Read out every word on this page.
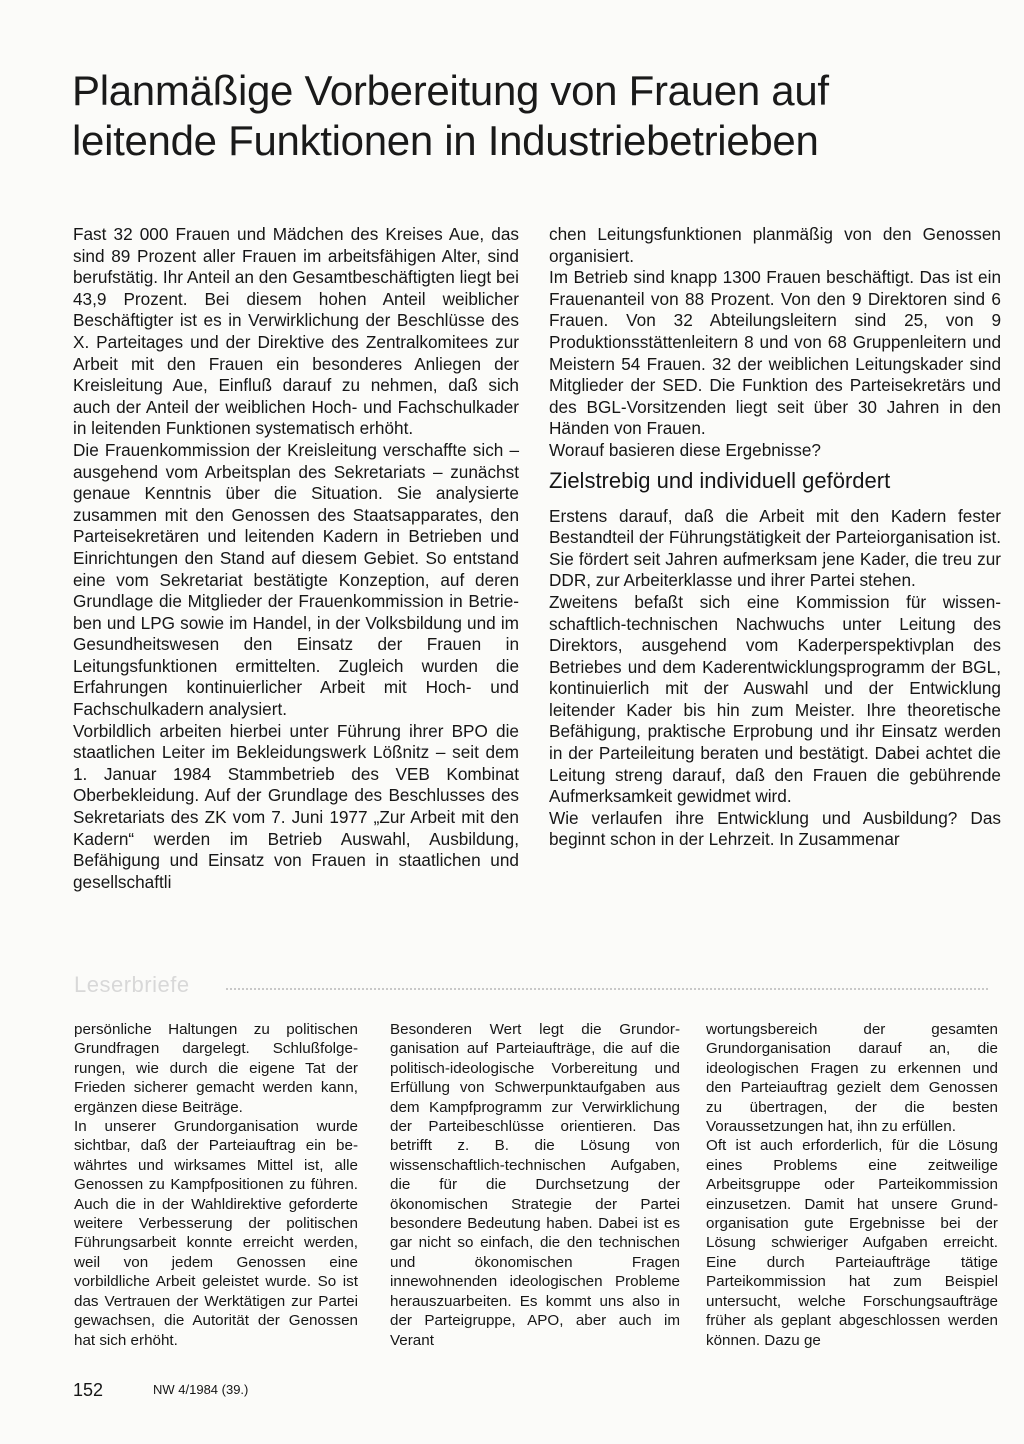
Planmäßige Vorbereitung von Frauen auf
leitende Funktionen in Industriebetrieben

Fast 32 000 Frauen und Mädchen des Kreises Aue, das sind 89 Prozent aller Frauen im arbeitsfähigen Alter, sind berufstätig. Ihr Anteil an den Gesamtbeschäftigten liegt bei 43,9 Prozent. Bei diesem hohen Anteil weiblicher Beschäftigter ist es in Verwirklichung der Beschlüsse des X. Parteitages und der Direktive des Zentralkomitees zur Arbeit mit den Frauen ein besonderes Anliegen der Kreisleitung Aue, Einfluß darauf zu nehmen, daß sich auch der Anteil der weiblichen Hoch- und Fachschulkader in leitenden Funktionen systematisch erhöht.

Die Frauenkommission der Kreisleitung verschaffte sich – ausgehend vom Arbeitsplan des Sekretariats – zunächst genaue Kenntnis über die Situation. Sie analysierte zusammen mit den Genossen des Staatsapparates, den Parteisekretären und leitenden Kadern in Betrieben und Einrichtungen den Stand auf diesem Gebiet. So entstand eine vom Sekretariat bestätigte Konzeption, auf deren Grundlage die Mitglieder der Frauenkommission in Betrieben und LPG sowie im Handel, in der Volksbildung und im Gesundheitswesen den Einsatz der Frauen in Leitungsfunktionen ermittelten. Zugleich wurden die Erfahrungen kontinuierlicher Arbeit mit Hoch- und Fachschulkadern analysiert.

Vorbildlich arbeiten hierbei unter Führung ihrer BPO die staatlichen Leiter im Bekleidungswerk Lößnitz – seit dem 1. Januar 1984 Stammbetrieb des VEB Kombinat Oberbekleidung. Auf der Grundlage des Beschlusses des Sekretariats des ZK vom 7. Juni 1977 „Zur Arbeit mit den Kadern“ werden im Betrieb Auswahl, Ausbildung, Befähigung und Einsatz von Frauen in staatlichen und gesellschaftli

chen Leitungsfunktionen planmäßig von den Genossen organisiert.

Im Betrieb sind knapp 1300 Frauen beschäftigt. Das ist ein Frauenanteil von 88 Prozent. Von den 9 Direktoren sind 6 Frauen. Von 32 Abteilungsleitern sind 25, von 9 Produktionsstättenleitern 8 und von 68 Gruppenleitern und Meistern 54 Frauen. 32 der weiblichen Leitungskader sind Mitglieder der SED. Die Funktion des Parteisekretärs und des BGL-Vorsitzenden liegt seit über 30 Jahren in den Händen von Frauen.

Worauf basieren diese Ergebnisse?

Zielstrebig und individuell gefördert

Erstens darauf, daß die Arbeit mit den Kadern fester Bestandteil der Führungstätigkeit der Parteiorganisation ist. Sie fördert seit Jahren aufmerksam jene Kader, die treu zur DDR, zur Arbeiterklasse und ihrer Partei stehen.

Zweitens befaßt sich eine Kommission für wissenschaftlich-technischen Nachwuchs unter Leitung des Direktors, ausgehend vom Kaderperspektivplan des Betriebes und dem Kaderentwicklungsprogramm der BGL, kontinuierlich mit der Auswahl und der Entwicklung leitender Kader bis hin zum Meister. Ihre theoretische Befähigung, praktische Erprobung und ihr Einsatz werden in der Parteileitung beraten und bestätigt. Dabei achtet die Leitung streng darauf, daß den Frauen die gebührende Aufmerksamkeit gewidmet wird.

Wie verlaufen ihre Entwicklung und Ausbildung? Das beginnt schon in der Lehrzeit. In Zusammenar

Leserbriefe

persönliche Haltungen zu politischen Grundfragen dargelegt. Schlußfolgerungen, wie durch die eigene Tat der Frieden sicherer gemacht werden kann, ergänzen diese Beiträge.

In unserer Grundorganisation wurde sichtbar, daß der Parteiauftrag ein bewährtes und wirksames Mittel ist, alle Genossen zu Kampfpositionen zu führen. Auch die in der Wahldirektive geforderte weitere Verbesserung der politischen Führungsarbeit konnte erreicht werden, weil von jedem Genossen eine vorbildliche Arbeit geleistet wurde. So ist das Vertrauen der Werktätigen zur Partei gewachsen, die Autorität der Genossen hat sich erhöht.

Besonderen Wert legt die Grundorganisation auf Parteiaufträge, die auf die politisch-ideologische Vorbereitung und Erfüllung von Schwerpunktaufgaben aus dem Kampfprogramm zur Verwirklichung der Parteibeschlüsse orientieren. Das betrifft z. B. die Lösung von wissenschaftlich-technischen Aufgaben, die für die Durchsetzung der ökonomischen Strategie der Partei besondere Bedeutung haben. Dabei ist es gar nicht so einfach, die den technischen und ökonomischen Fragen innewohnenden ideologischen Probleme herauszuarbeiten. Es kommt uns also in der Parteigruppe, APO, aber auch im Verant

wortungsbereich der gesamten Grundorganisation darauf an, die ideologischen Fragen zu erkennen und den Parteiauftrag gezielt dem Genossen zu übertragen, der die besten Voraussetzungen hat, ihn zu erfüllen.

Oft ist auch erforderlich, für die Lösung eines Problems eine zeitweilige Arbeitsgruppe oder Parteikommission einzusetzen. Damit hat unsere Grundorganisation gute Ergebnisse bei der Lösung schwieriger Aufgaben erreicht. Eine durch Parteiaufträge tätige Parteikommission hat zum Beispiel untersucht, welche Forschungsaufträge früher als geplant abgeschlossen werden können. Dazu ge

152	NW 4/1984 (39.)
